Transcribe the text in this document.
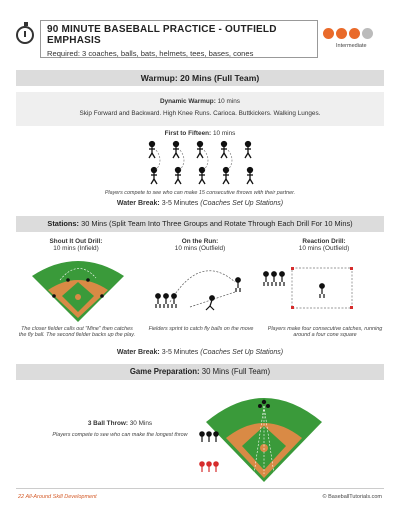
90 MINUTE BASEBALL PRACTICE - OUTFIELD EMPHASIS
Required: 3 coaches, balls, bats, helmets, tees, bases, cones
Intermediate
Warmup: 20 Mins (Full Team)
Dynamic Warmup: 10 mins
Skip Forward and Backward. High Knee Runs. Carioca. Buttkickers. Walking Lunges.
First to Fifteen: 10 mins
Players compete to see who can make 15 consecutive throws with their partner.
Water Break: 3-5 Minutes (Coaches Set Up Stations)
Stations: 30 Mins (Split Team Into Three Groups and Rotate Through Each Drill For 10 Mins)
Shout It Out Drill:
10 mins (Infield)
On the Run:
10 mins (Outfield)
Reaction Drill:
10 mins (Outfield)
The closer fielder calls out "Mine" then catches the fly ball. The second fielder backs up the play.
Fielders sprint to catch fly balls on the move	Players make four consecutive catches, running around a four cone square
Water Break: 3-5 Minutes (Coaches Set Up Stations)
Game Preparation: 30 Mins (Full Team)
3 Ball Throw: 30 Mins
Players compete to see who can make the longest throw
22 All-Around Skill Development	© BaseballTutorials.com
